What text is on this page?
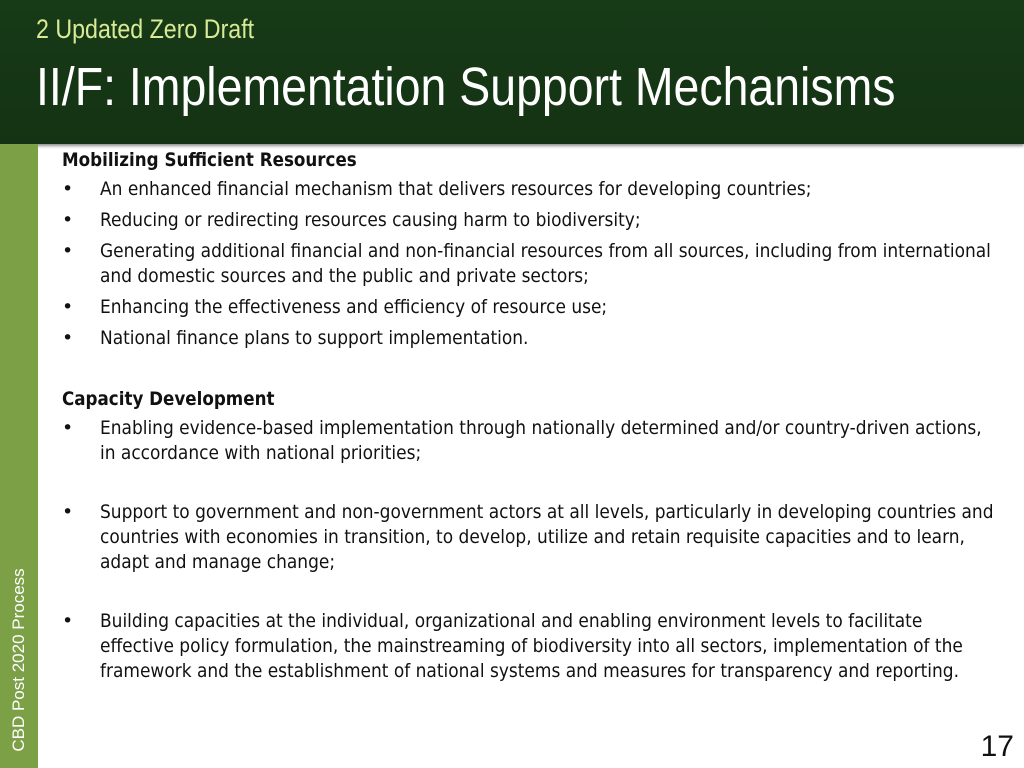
2 Updated Zero Draft
II/F: Implementation Support Mechanisms
CBD Post 2020 Process
Mobilizing Sufficient Resources
•	An enhanced financial mechanism that delivers resources for developing countries;
•	Reducing or redirecting resources causing harm to biodiversity;
•	Generating additional financial and non-financial resources from all sources, including from international and domestic sources and the public and private sectors;
•	Enhancing the effectiveness and efficiency of resource use;
•	National finance plans to support implementation.
Capacity Development
•	Enabling evidence-based implementation through nationally determined and/or country-driven actions, in accordance with national priorities;
•	Support to government and non-government actors at all levels, particularly in developing countries and countries with economies in transition, to develop, utilize and retain requisite capacities and to learn, adapt and manage change;
•	Building capacities at the individual, organizational and enabling environment levels to facilitate effective policy formulation, the mainstreaming of biodiversity into all sectors, implementation of the framework and the establishment of national systems and measures for transparency and reporting.
17
